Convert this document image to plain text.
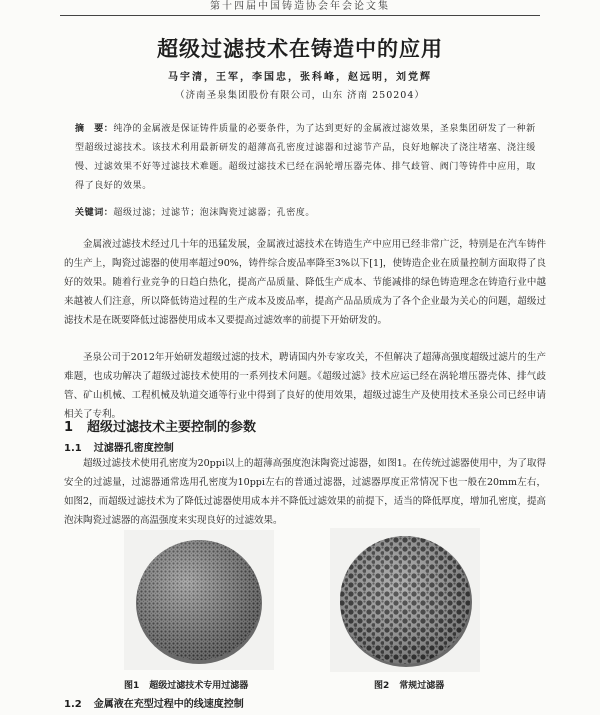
第十四届中国铸造协会年会论文集
超级过滤技术在铸造中的应用
马宇清，王军，李国忠，张科峰，赵远明，刘党辉
（济南圣泉集团股份有限公司，山东 济南 250204）
摘　要：纯净的金属液是保证铸件质量的必要条件，为了达到更好的金属液过滤效果，圣泉集团研发了一种新型超级过滤技术。该技术利用最新研发的超薄高孔密度过滤器和过滤节产品，良好地解决了浇注堵塞、浇注缓慢、过滤效果不好等过滤技术难题。超级过滤技术已经在涡轮增压器壳体、排气歧管、阀门等铸件中应用，取得了良好的效果。
关键词：超级过滤；过滤节；泡沫陶瓷过滤器；孔密度。
金属液过滤技术经过几十年的迅猛发展，金属液过滤技术在铸造生产中应用已经非常广泛，特别是在汽车铸件的生产上，陶瓷过滤器的使用率超过90%，铸件综合废品率降至3%以下[1]，使铸造企业在质量控制方面取得了良好的效果。随着行业竞争的日趋白热化，提高产品质量、降低生产成本、节能减排的绿色铸造理念在铸造行业中越来越被人们注意，所以降低铸造过程的生产成本及废品率，提高产品品质成为了各个企业最为关心的问题，超级过滤技术是在既要降低过滤器使用成本又要提高过滤效率的前提下开始研发的。
圣泉公司于2012年开始研发超级过滤的技术，聘请国内外专家攻关，不但解决了超薄高强度超级过滤片的生产难题，也成功解决了超级过滤技术使用的一系列技术问题。《超级过滤》技术应运已经在涡轮增压器壳体、排气歧管、矿山机械、工程机械及轨道交通等行业中得到了良好的使用效果，超级过滤生产及使用技术圣泉公司已经申请相关了专利。
1 超级过滤技术主要控制的参数
1.1 过滤器孔密度控制
超级过滤技术使用孔密度为20ppi以上的超薄高强度泡沫陶瓷过滤器，如图1。在传统过滤器使用中，为了取得安全的过滤量，过滤器通常选用孔密度为10ppi左右的普通过滤器，过滤器厚度正常情况下也一般在20mm左右，如图2，而超级过滤技术为了降低过滤器使用成本并不降低过滤效果的前提下，适当的降低厚度，增加孔密度，提高泡沫陶瓷过滤器的高温强度来实现良好的过滤效果。
图1 超级过滤技术专用过滤器	图2 常规过滤器
1.2 金属液在充型过程中的线速度控制
